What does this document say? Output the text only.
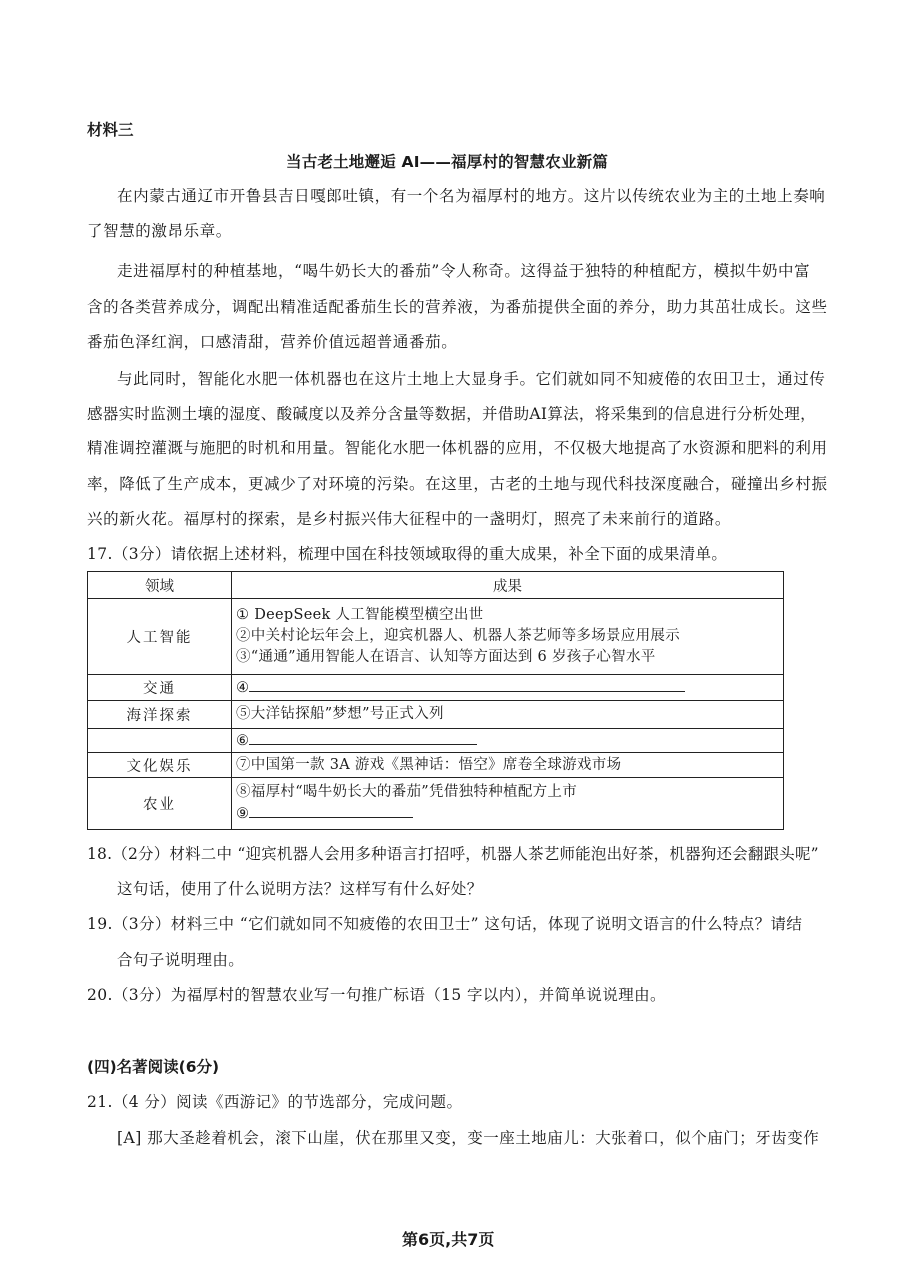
材料三
当古老土地邂逅 AI——福厚村的智慧农业新篇
在内蒙古通辽市开鲁县吉日嘎郎吐镇，有一个名为福厚村的地方。这片以传统农业为主的土地上奏响
了智慧的激昂乐章。
走进福厚村的种植基地，“喝牛奶长大的番茄”令人称奇。这得益于独特的种植配方，模拟牛奶中富
含的各类营养成分，调配出精准适配番茄生长的营养液，为番茄提供全面的养分，助力其茁壮成长。这些
番茄色泽红润，口感清甜，营养价值远超普通番茄。
与此同时，智能化水肥一体机器也在这片土地上大显身手。它们就如同不知疲倦的农田卫士，通过传
感器实时监测土壤的湿度、酸碱度以及养分含量等数据，并借助AI算法，将采集到的信息进行分析处理，
精准调控灌溉与施肥的时机和用量。智能化水肥一体机器的应用，不仅极大地提高了水资源和肥料的利用
率，降低了生产成本，更减少了对环境的污染。在这里，古老的土地与现代科技深度融合，碰撞出乡村振
兴的新火花。福厚村的探索，是乡村振兴伟大征程中的一盏明灯，照亮了未来前行的道路。
17.（3分）请依据上述材料，梳理中国在科技领域取得的重大成果，补全下面的成果清单。
领域	成果
人工智能	① DeepSeek 人工智能模型横空出世
②中关村论坛年会上，迎宾机器人、机器人茶艺师等多场景应用展示
③“通通”通用智能人在语言、认知等方面达到 6 岁孩子心智水平

交通	④
海洋探索	⑤大洋钻探船”梦想”号正式入列
	⑥
文化娱乐	⑦中国第一款 3A 游戏《黑神话：悟空》席卷全球游戏市场
农业	⑧福厚村“喝牛奶长大的番茄”凭借独特种植配方上市
⑨
18.（2分）材料二中 “迎宾机器人会用多种语言打招呼，机器人茶艺师能泡出好茶，机器狗还会翻跟头呢”
这句话，使用了什么说明方法？这样写有什么好处？
19.（3分）材料三中 “它们就如同不知疲倦的农田卫士” 这句话，体现了说明文语言的什么特点？请结
合句子说明理由。
20.（3分）为福厚村的智慧农业写一句推广标语（15 字以内），并简单说说理由。
(四)名著阅读(6分)
21.（4 分）阅读《西游记》的节选部分，完成问题。
[A] 那大圣趁着机会，滚下山崖，伏在那里又变，变一座土地庙儿：大张着口，似个庙门；牙齿变作
第6页,共7页
